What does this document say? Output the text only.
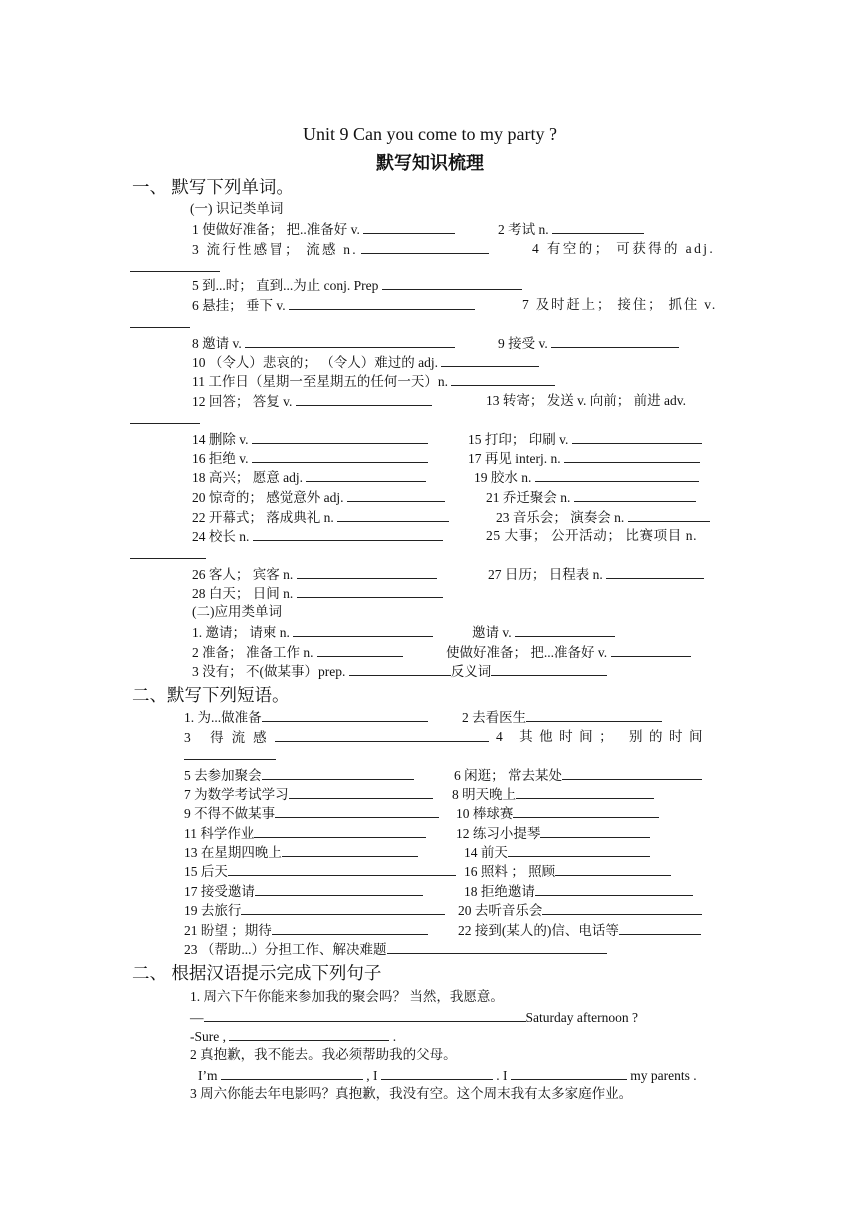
Unit 9 Can you come to my party ?
默写知识梳理
一、 默写下列单词。
(一) 识记类单词
1 使做好准备； 把..准备好 v.	2 考试 n.
3 流行性感冒； 流感 n.	4 有空的； 可获得的 adj.
5 到...时； 直到...为止 conj. Prep
6 悬挂； 垂下 v.	7 及时赶上； 接住； 抓住 v.
8 邀请 v.	9 接受 v.
10 （令人）悲哀的； （令人）难过的 adj.
11 工作日（星期一至星期五的任何一天）n.
12 回答； 答复 v.	13 转寄； 发送 v. 向前； 前进 adv.
14 删除 v.	15 打印； 印刷 v.
16 拒绝 v.	17 再见 interj. n.
18 高兴； 愿意 adj.	19 胶水 n.
20 惊奇的； 感觉意外 adj.	21 乔迁聚会 n.
22 开幕式； 落成典礼 n.	23 音乐会； 演奏会 n.
24 校长 n.	25 大事； 公开活动； 比赛项目 n.
26 客人； 宾客 n.	27 日历； 日程表 n.
28 白天； 日间 n.
(二)应用类单词
1. 邀请； 请柬 n.	邀请 v.
2 准备； 准备工作 n.	使做好准备； 把...准备好 v.
3 没有； 不(做某事）prep.	反义词
二、默写下列短语。
1. 为...做准备	2 去看医生
3 得流感	4 其他时间； 别的时间
5 去参加聚会	6 闲逛； 常去某处
7 为数学考试学习	8 明天晚上
9 不得不做某事	10 棒球赛
11 科学作业	12 练习小提琴
13 在星期四晚上	14 前天
15 后天	16 照料 ； 照顾
17 接受邀请	18 拒绝邀请
19 去旅行	20 去听音乐会
21 盼望 ；期待	22 接到(某人的)信、电话等
23 （帮助...）分担工作、解决难题
二、 根据汉语提示完成下列句子
1. 周六下午你能来参加我的聚会吗？ 当然，我愿意。
—	Saturday afternoon ?
-Sure ,	.
2 真抱歉，我不能去。我必须帮助我的父母。
I’m	, I	. I	my parents .
3 周六你能去年电影吗？真抱歉，我没有空。这个周末我有太多家庭作业。
